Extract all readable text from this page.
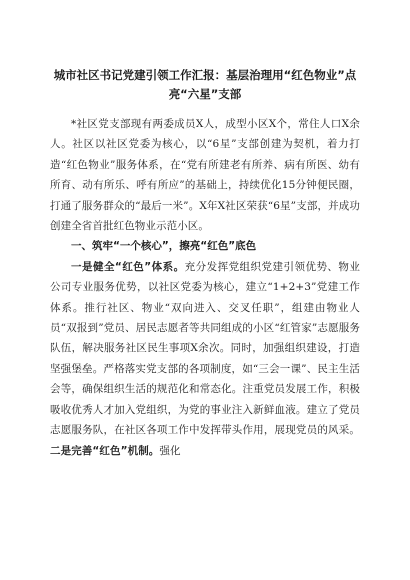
城市社区书记党建引领工作汇报：基层治理用“红色物业”点亮“六星”支部

*社区党支部现有两委成员X人，成型小区X个，常住人口X余人。社区以社区党委为核心，以“6星”支部创建为契机，着力打造“红色物业”服务体系，在“党有所建老有所养、病有所医、幼有所育、动有所乐、呼有所应”的基础上，持续优化15分钟便民圈，打通了服务群众的“最后一米”。X年X社区荣获“6星”支部，并成功创建全省首批红色物业示范小区。

一、筑牢“一个核心”，擦亮“红色”底色

一是健全“红色”体系。充分发挥党组织党建引领优势、物业公司专业服务优势，以社区党委为核心，建立“1+2+3”党建工作体系。推行社区、物业“双向进入、交叉任职”，组建由物业人员“双报到”党员、居民志愿者等共同组成的小区“红管家”志愿服务队伍，解决服务社区民生事项X余次。同时，加强组织建设，打造坚强堡垒。严格落实党支部的各项制度，如“三会一课”、民主生活会等，确保组织生活的规范化和常态化。注重党员发展工作，积极吸收优秀人才加入党组织，为党的事业注入新鲜血液。建立了党员志愿服务队，在社区各项工作中发挥带头作用，展现党员的风采。二是完善“红色”机制。强化
